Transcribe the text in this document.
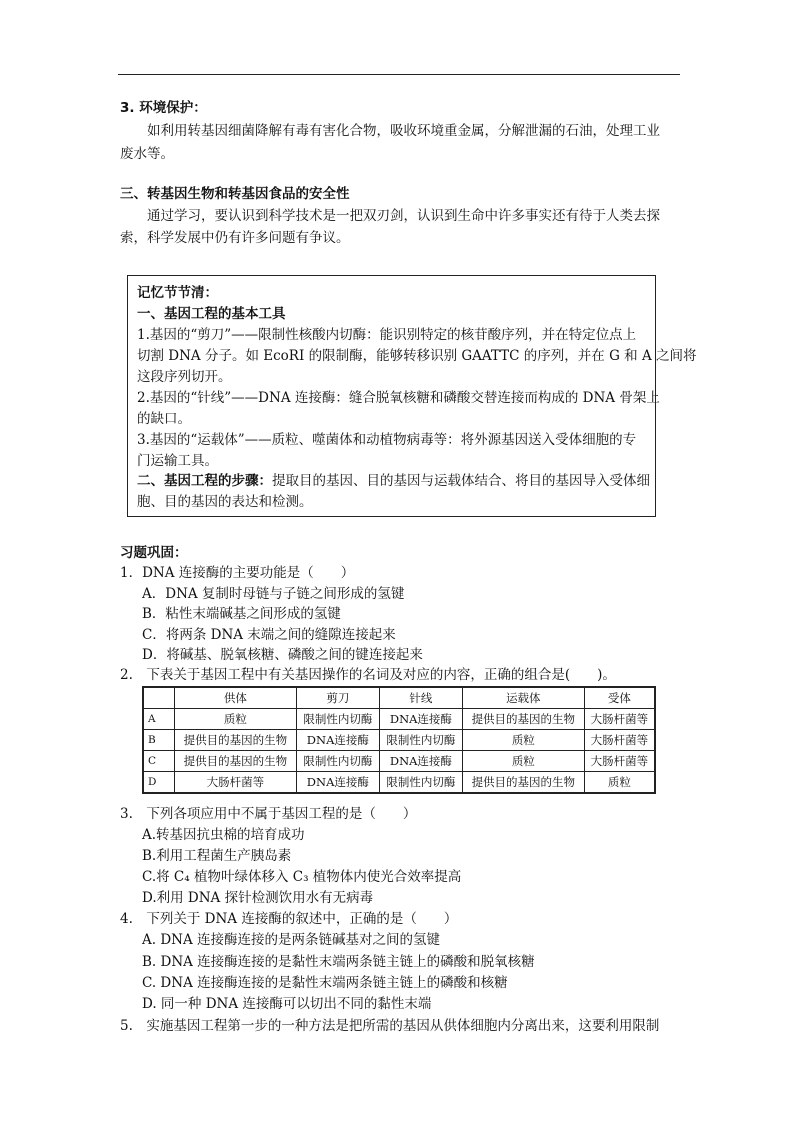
3. 环境保护：
如利用转基因细菌降解有毒有害化合物，吸收环境重金属，分解泄漏的石油，处理工业
废水等。
三、转基因生物和转基因食品的安全性
通过学习，要认识到科学技术是一把双刃剑，认识到生命中许多事实还有待于人类去探
索，科学发展中仍有许多问题有争议。
记忆节节清：
一、基因工程的基本工具
1.基因的“剪刀”——限制性核酸内切酶：能识别特定的核苷酸序列，并在特定位点上
切割 DNA 分子。如 EcoRI 的限制酶，能够转移识别 GAATTC 的序列，并在 G 和 A 之间将
这段序列切开。
2.基因的“针线”——DNA 连接酶：缝合脱氧核糖和磷酸交替连接而构成的 DNA 骨架上
的缺口。
3.基因的“运载体”——质粒、噬菌体和动植物病毒等：将外源基因送入受体细胞的专
门运输工具。
二、基因工程的步骤：提取目的基因、目的基因与运载体结合、将目的基因导入受体细
胞、目的基因的表达和检测。
习题巩固：
1．DNA 连接酶的主要功能是（　　）
A．DNA 复制时母链与子链之间形成的氢键
B．粘性末端碱基之间形成的氢键
C．将两条 DNA 末端之间的缝隙连接起来
D．将碱基、脱氧核糖、磷酸之间的键连接起来
2.　下表关于基因工程中有关基因操作的名词及对应的内容，正确的组合是(　　)。
	供体	剪刀	针线	运载体	受体
A	质粒	限制性内切酶	DNA连接酶	提供目的基因的生物	大肠杆菌等
B	提供目的基因的生物	DNA连接酶	限制性内切酶	质粒	大肠杆菌等
C	提供目的基因的生物	限制性内切酶	DNA连接酶	质粒	大肠杆菌等
D	大肠杆菌等	DNA连接酶	限制性内切酶	提供目的基因的生物	质粒
3.　下列各项应用中不属于基因工程的是（　　）
A.转基因抗虫棉的培育成功
B.利用工程菌生产胰岛素
C.将 C₄ 植物叶绿体移入 C₃ 植物体内使光合效率提高
D.利用 DNA 探针检测饮用水有无病毒
4.　下列关于 DNA 连接酶的叙述中，正确的是（　　）
A. DNA 连接酶连接的是两条链碱基对之间的氢键
B. DNA 连接酶连接的是黏性末端两条链主链上的磷酸和脱氧核糖
C. DNA 连接酶连接的是黏性末端两条链主链上的磷酸和核糖
D. 同一种 DNA 连接酶可以切出不同的黏性末端
5.　实施基因工程第一步的一种方法是把所需的基因从供体细胞内分离出来，这要利用限制
